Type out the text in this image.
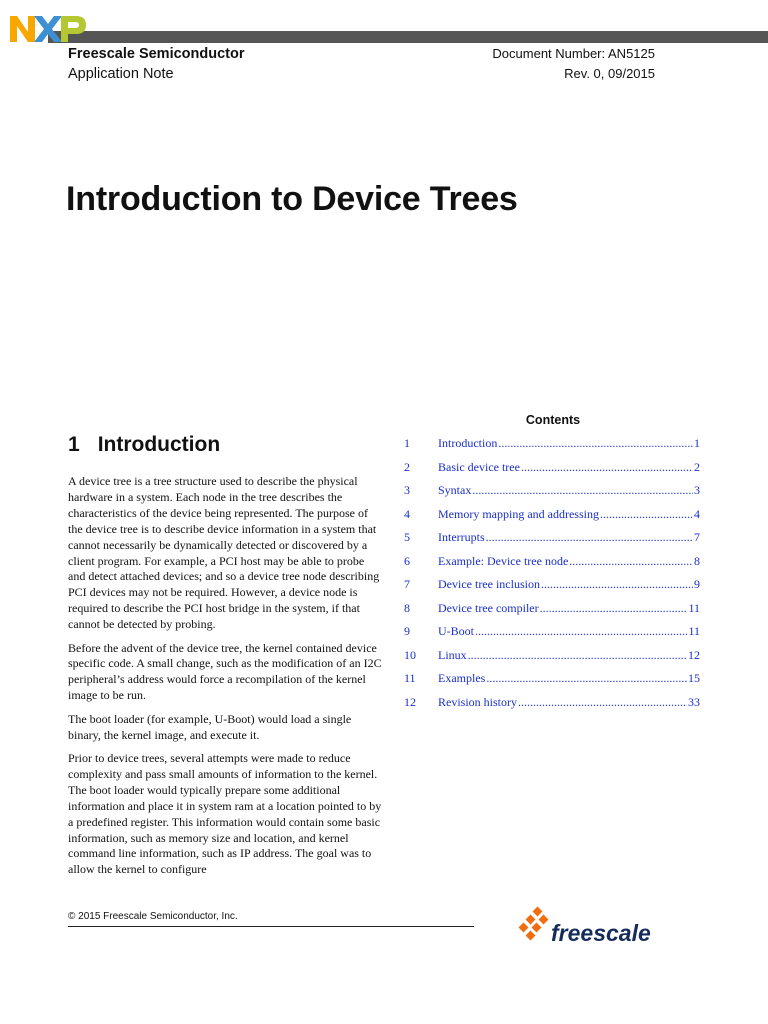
Freescale Semiconductor
Application Note
Document Number: AN5125
Rev. 0, 09/2015
Introduction to Device Trees
1 Introduction

A device tree is a tree structure used to describe the physical hardware in a system. Each node in the tree describes the characteristics of the device being represented. The purpose of the device tree is to describe device information in a system that cannot necessarily be dynamically detected or discovered by a client program. For example, a PCI host may be able to probe and detect attached devices; and so a device tree node describing PCI devices may not be required. However, a device node is required to describe the PCI host bridge in the system, if that cannot be detected by probing.

Before the advent of the device tree, the kernel contained device specific code. A small change, such as the modification of an I2C peripheral’s address would force a recompilation of the kernel image to be run.

The boot loader (for example, U-Boot) would load a single binary, the kernel image, and execute it.

Prior to device trees, several attempts were made to reduce complexity and pass small amounts of information to the kernel. The boot loader would typically prepare some additional information and place it in system ram at a location pointed to by a predefined register. This information would contain some basic information, such as memory size and location, and kernel command line information, such as IP address. The goal was to allow the kernel to configure

Contents
1	Introduction .....	1
2	Basic device tree .....	2
3	Syntax .....	3
4	Memory mapping and addressing .....	4
5	Interrupts .....	7
6	Example: Device tree node .....	8
7	Device tree inclusion .....	9
8	Device tree compiler .....	11
9	U-Boot .....	11
10	Linux .....	12
11	Examples .....	15
12	Revision history .....	33
© 2015 Freescale Semiconductor, Inc.
freescale
